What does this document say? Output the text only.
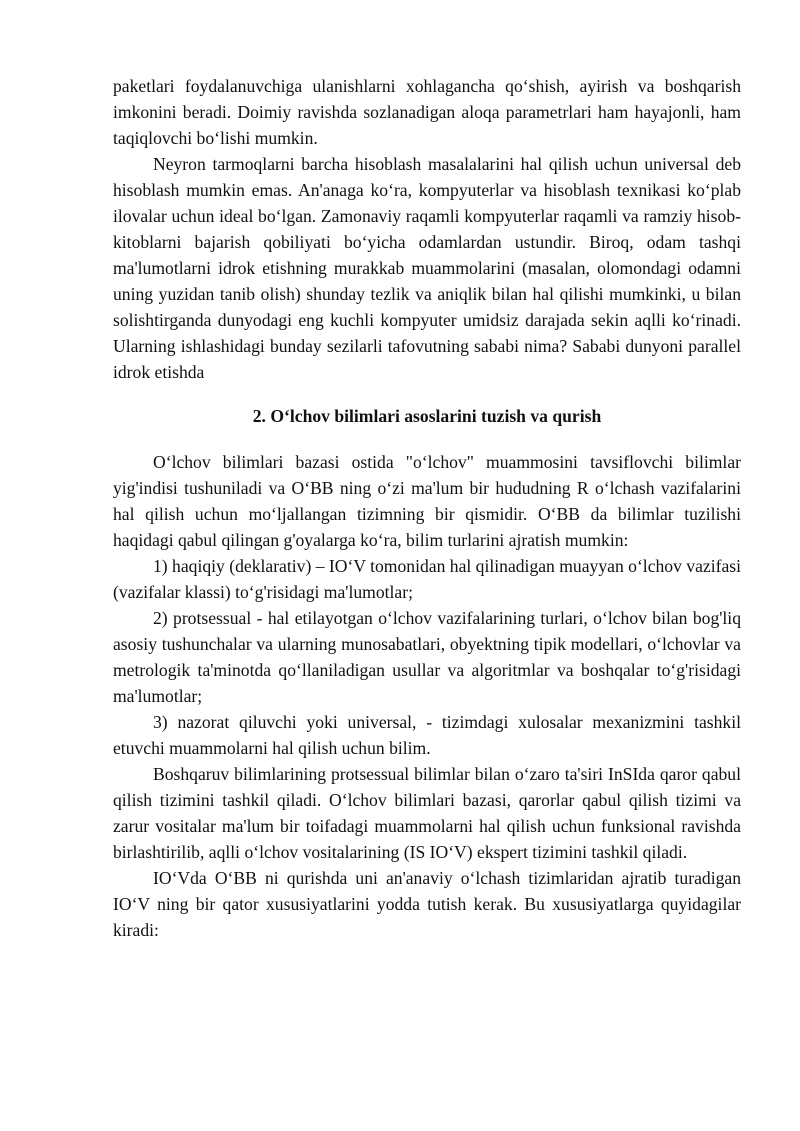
paketlari foydalanuvchiga ulanishlarni xohlagancha qo‘shish, ayirish va boshqarish imkonini beradi. Doimiy ravishda sozlanadigan aloqa parametrlari ham hayajonli, ham taqiqlovchi bo‘lishi mumkin.

Neyron tarmoqlarni barcha hisoblash masalalarini hal qilish uchun universal deb hisoblash mumkin emas. An'anaga ko‘ra, kompyuterlar va hisoblash texnikasi ko‘plab ilovalar uchun ideal bo‘lgan. Zamonaviy raqamli kompyuterlar raqamli va ramziy hisob-kitoblarni bajarish qobiliyati bo‘yicha odamlardan ustundir. Biroq, odam tashqi ma'lumotlarni idrok etishning murakkab muammolarini (masalan, olomondagi odamni uning yuzidan tanib olish) shunday tezlik va aniqlik bilan hal qilishi mumkinki, u bilan solishtirganda dunyodagi eng kuchli kompyuter umidsiz darajada sekin aqlli ko‘rinadi. Ularning ishlashidagi bunday sezilarli tafovutning sababi nima? Sababi dunyoni parallel idrok etishda

2. O‘lchov bilimlari asoslarini tuzish va qurish

O‘lchov bilimlari bazasi ostida "o‘lchov" muammosini tavsiflovchi bilimlar yig'indisi tushuniladi va O‘BB ning o‘zi ma'lum bir hududning R o‘lchash vazifalarini hal qilish uchun mo‘ljallangan tizimning bir qismidir. O‘BB da bilimlar tuzilishi haqidagi qabul qilingan g'oyalarga ko‘ra, bilim turlarini ajratish mumkin:

1) haqiqiy (deklarativ) – IO‘V tomonidan hal qilinadigan muayyan o‘lchov vazifasi (vazifalar klassi) to‘g'risidagi ma'lumotlar;

2) protsessual - hal etilayotgan o‘lchov vazifalarining turlari, o‘lchov bilan bog'liq asosiy tushunchalar va ularning munosabatlari, obyektning tipik modellari, o‘lchovlar va metrologik ta'minotda qo‘llaniladigan usullar va algoritmlar va boshqalar to‘g'risidagi ma'lumotlar;

3) nazorat qiluvchi yoki universal, - tizimdagi xulosalar mexanizmini tashkil etuvchi muammolarni hal qilish uchun bilim.

Boshqaruv bilimlarining protsessual bilimlar bilan o‘zaro ta'siri InSIda qaror qabul qilish tizimini tashkil qiladi. O‘lchov bilimlari bazasi, qarorlar qabul qilish tizimi va zarur vositalar ma'lum bir toifadagi muammolarni hal qilish uchun funksional ravishda birlashtirilib, aqlli o‘lchov vositalarining (IS IO‘V) ekspert tizimini tashkil qiladi.

IO‘Vda O‘BB ni qurishda uni an'anaviy o‘lchash tizimlaridan ajratib turadigan IO‘V ning bir qator xususiyatlarini yodda tutish kerak. Bu xususiyatlarga quyidagilar kiradi:
